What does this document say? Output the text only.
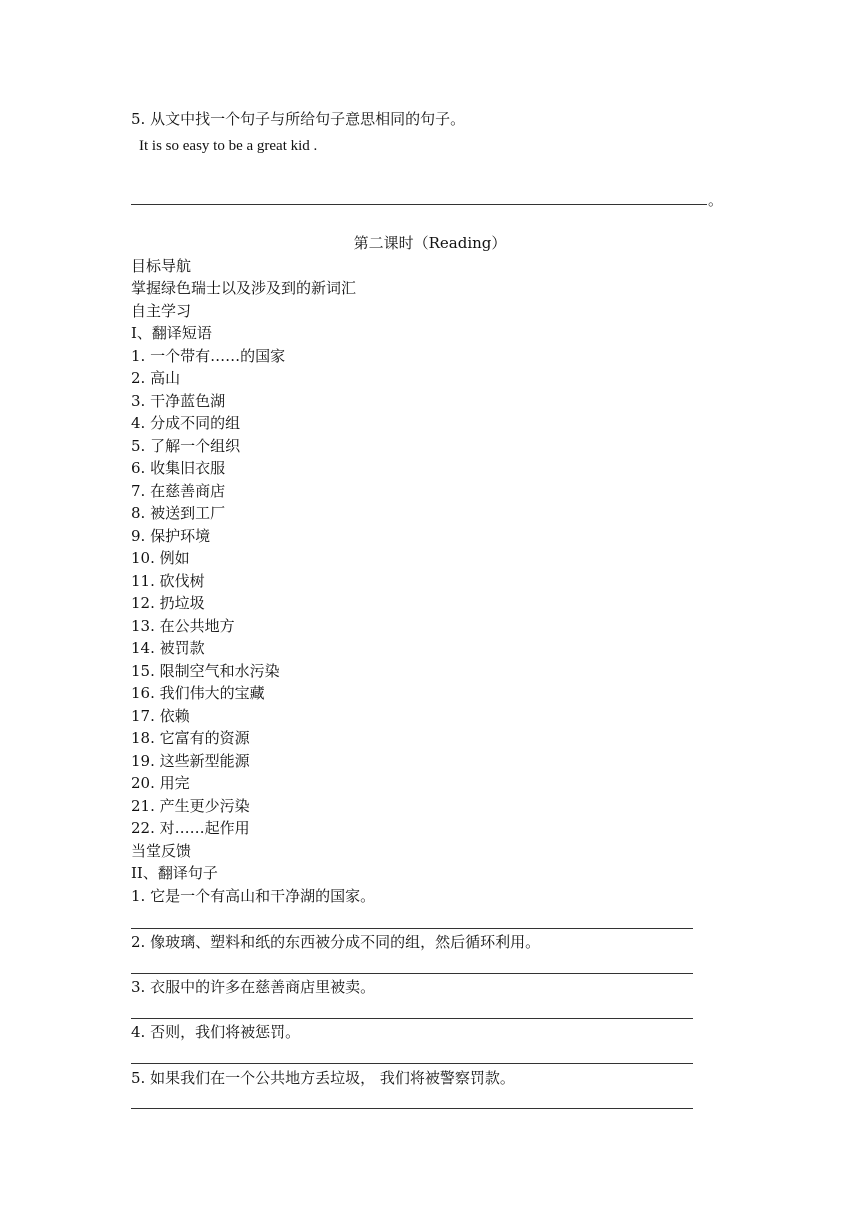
5. 从文中找一个句子与所给句子意思相同的句子。
It is so easy to be a great kid .
。
第二课时（Reading）
目标导航
掌握绿色瑞士以及涉及到的新词汇
自主学习
I、翻译短语
1. 一个带有……的国家
2. 高山
3. 干净蓝色湖
4. 分成不同的组
5. 了解一个组织
6. 收集旧衣服
7. 在慈善商店
8. 被送到工厂
9. 保护环境
10. 例如
11. 砍伐树
12. 扔垃圾
13. 在公共地方
14. 被罚款
15. 限制空气和水污染
16. 我们伟大的宝藏
17. 依赖
18. 它富有的资源
19. 这些新型能源
20. 用完
21. 产生更少污染
22. 对……起作用
当堂反馈
II、翻译句子
1. 它是一个有高山和干净湖的国家。
2. 像玻璃、塑料和纸的东西被分成不同的组，然后循环利用。
3. 衣服中的许多在慈善商店里被卖。
4. 否则，我们将被惩罚。
5. 如果我们在一个公共地方丢垃圾， 我们将被警察罚款。
